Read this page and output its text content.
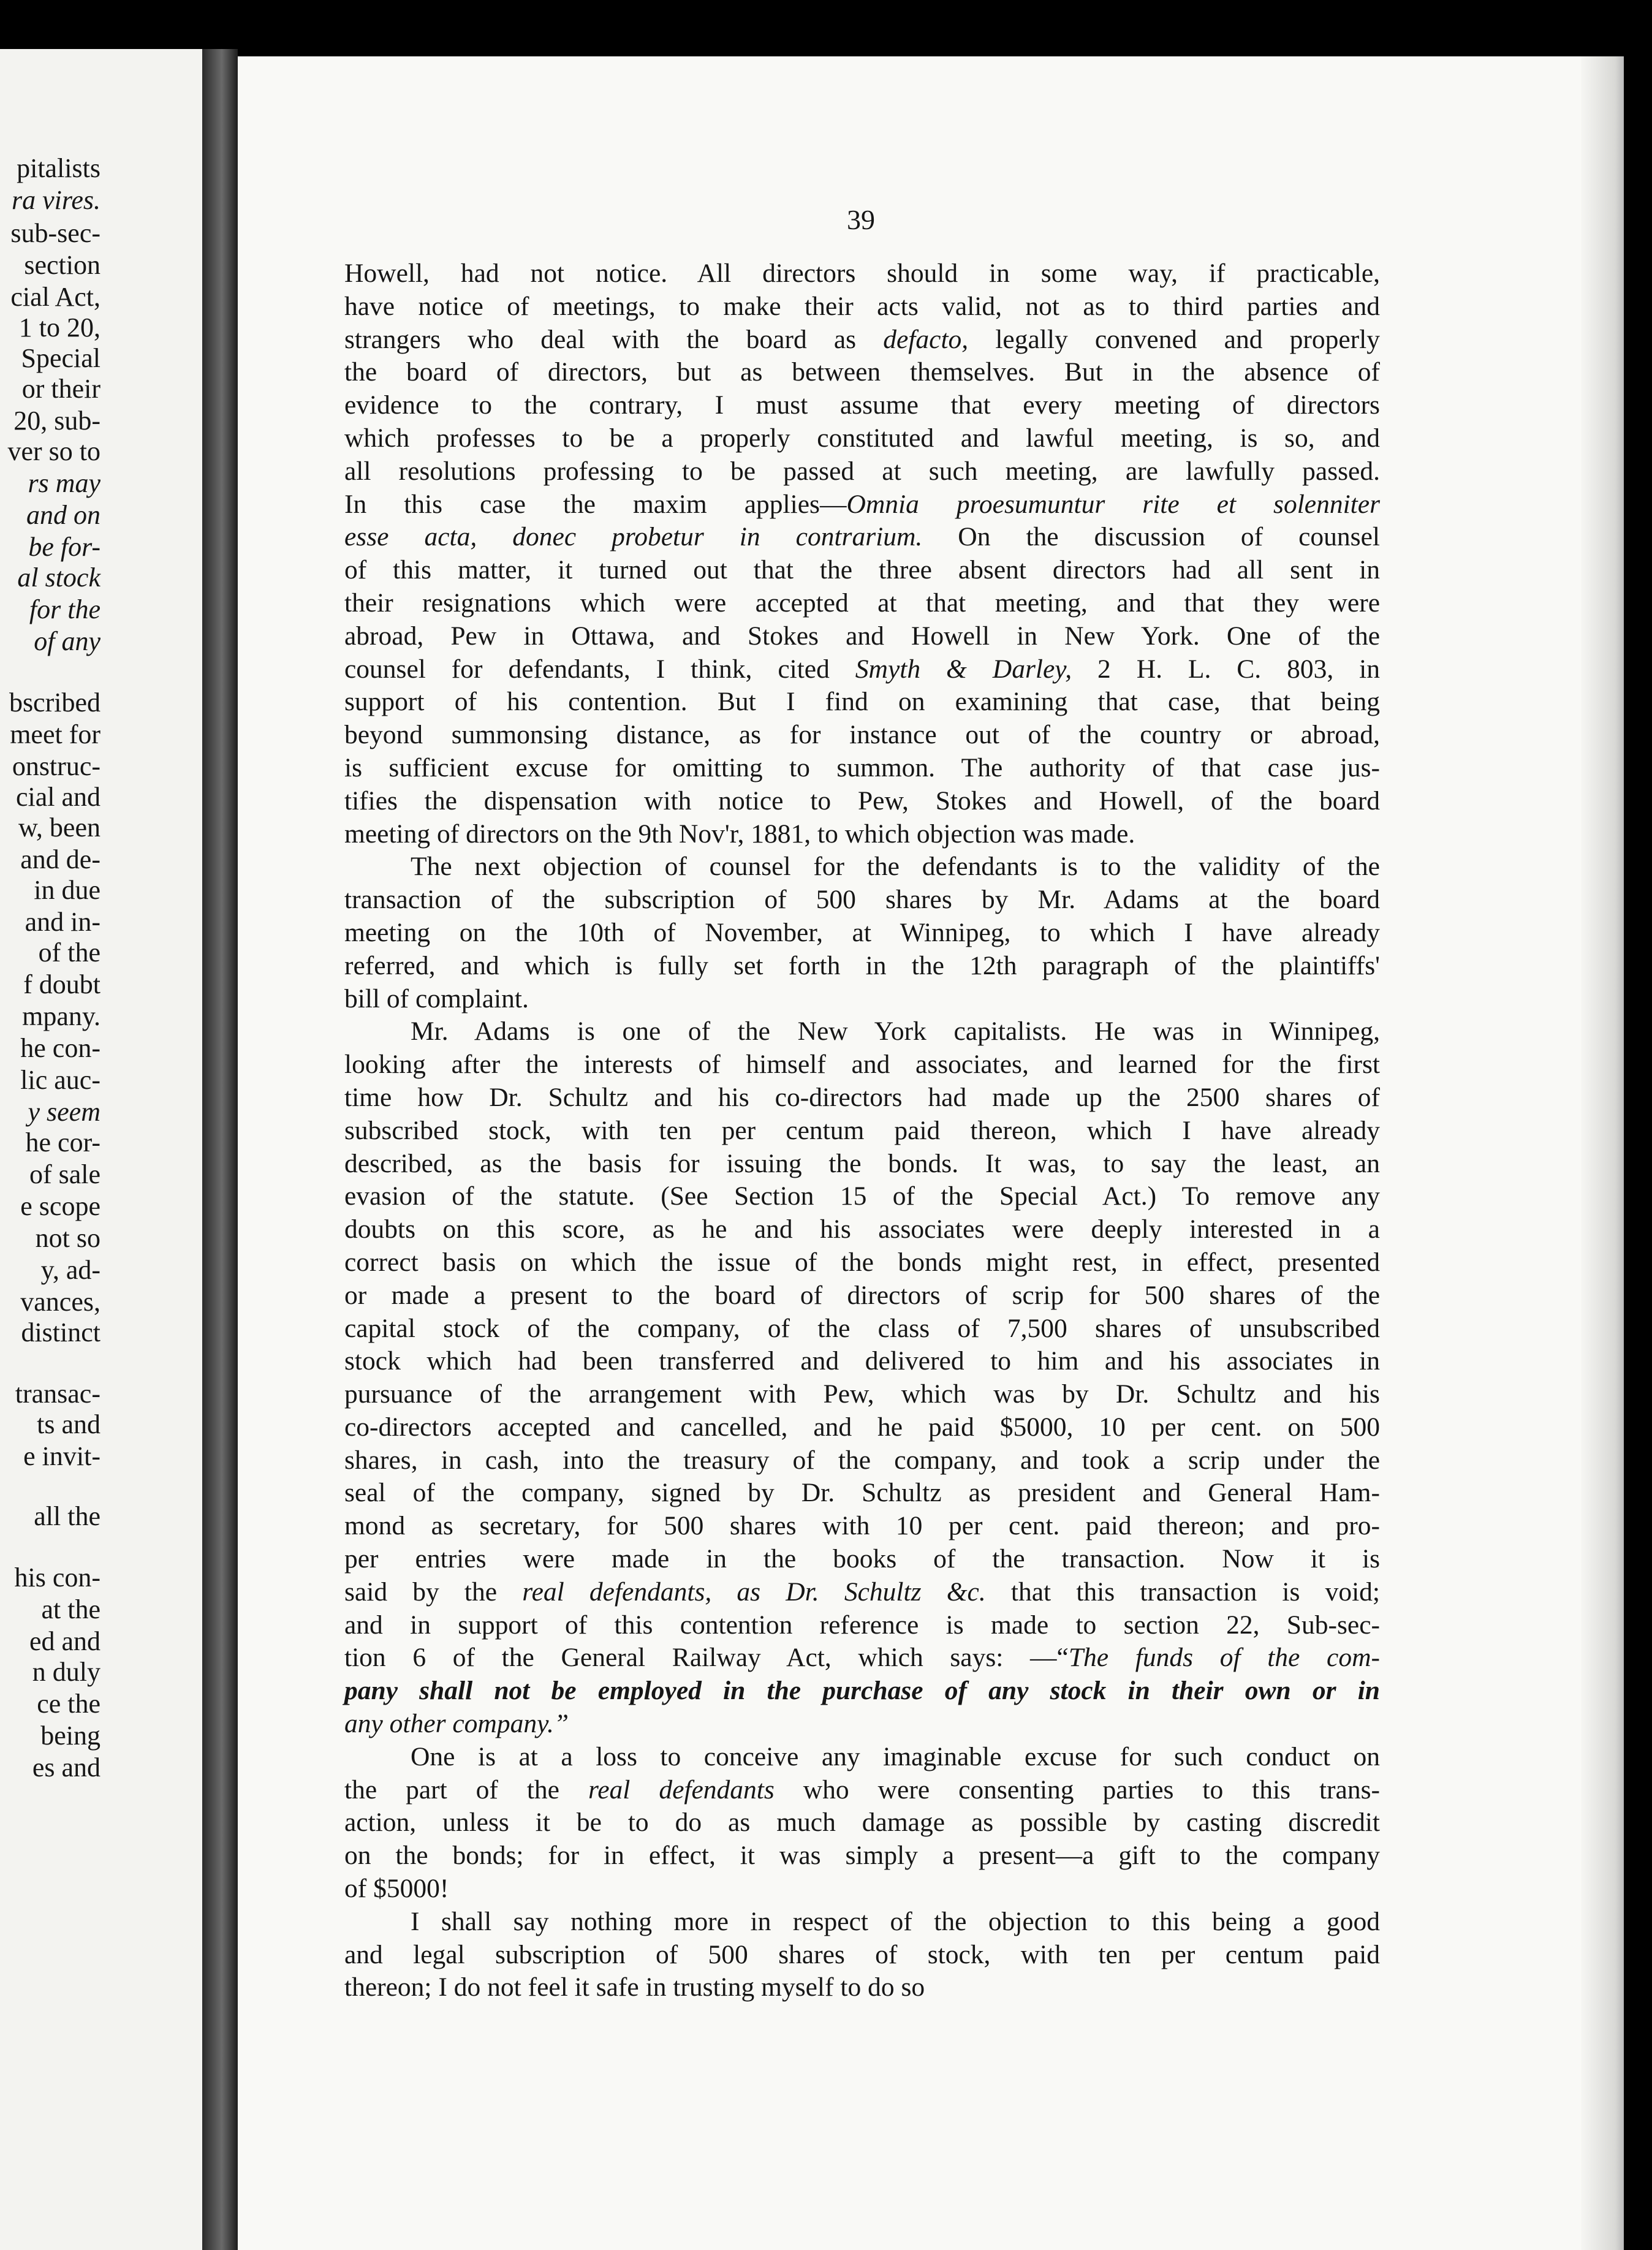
pitalists
ra vires.
sub-sec-
section
cial Act,
1 to 20,
Special
or their
20, sub-
ver so to
rs may
and on
be for-
al stock
for the
of any
bscribed
meet for
onstruc-
cial and
w, been
and de-
in due
and in-
of the
f doubt
mpany.
he con-
lic auc-
y seem
he cor-
of sale
e scope
not so
y, ad-
vances,
distinct
transac-
ts and
e invit-
all the
his con-
at the
ed and
n duly
ce the
being
es and
39
Howell, had not notice. All directors should in some way, if practicable,
have notice of meetings, to make their acts valid, not as to third parties and
strangers who deal with the board as defacto, legally convened and properly
the board of directors, but as between themselves. But in the absence of
evidence to the contrary, I must assume that every meeting of directors
which professes to be a properly constituted and lawful meeting, is so, and
all resolutions professing to be passed at such meeting, are lawfully passed.
In this case the maxim applies—Omnia proesumuntur rite et solenniter
esse acta, donec probetur in contrarium. On the discussion of counsel
of this matter, it turned out that the three absent directors had all sent in
their resignations which were accepted at that meeting, and that they were
abroad, Pew in Ottawa, and Stokes and Howell in New York. One of the
counsel for defendants, I think, cited Smyth & Darley, 2 H. L. C. 803, in
support of his contention. But I find on examining that case, that being
beyond summonsing distance, as for instance out of the country or abroad,
is sufficient excuse for omitting to summon. The authority of that case jus-
tifies the dispensation with notice to Pew, Stokes and Howell, of the board
meeting of directors on the 9th Nov'r, 1881, to which objection was made.
The next objection of counsel for the defendants is to the validity of the
transaction of the subscription of 500 shares by Mr. Adams at the board
meeting on the 10th of November, at Winnipeg, to which I have already
referred, and which is fully set forth in the 12th paragraph of the plaintiffs'
bill of complaint.
Mr. Adams is one of the New York capitalists. He was in Winnipeg,
looking after the interests of himself and associates, and learned for the first
time how Dr. Schultz and his co-directors had made up the 2500 shares of
subscribed stock, with ten per centum paid thereon, which I have already
described, as the basis for issuing the bonds. It was, to say the least, an
evasion of the statute. (See Section 15 of the Special Act.) To remove any
doubts on this score, as he and his associates were deeply interested in a
correct basis on which the issue of the bonds might rest, in effect, presented
or made a present to the board of directors of scrip for 500 shares of the
capital stock of the company, of the class of 7,500 shares of unsubscribed
stock which had been transferred and delivered to him and his associates in
pursuance of the arrangement with Pew, which was by Dr. Schultz and his
co-directors accepted and cancelled, and he paid $5000, 10 per cent. on 500
shares, in cash, into the treasury of the company, and took a scrip under the
seal of the company, signed by Dr. Schultz as president and General Ham-
mond as secretary, for 500 shares with 10 per cent. paid thereon; and pro-
per entries were made in the books of the transaction. Now it is
said by the real defendants, as Dr. Schultz &c. that this transaction is void;
and in support of this contention reference is made to section 22, Sub-sec-
tion 6 of the General Railway Act, which says: —“The funds of the com-
pany shall not be employed in the purchase of any stock in their own or in
any other company.”
One is at a loss to conceive any imaginable excuse for such conduct on
the part of the real defendants who were consenting parties to this trans-
action, unless it be to do as much damage as possible by casting discredit
on the bonds; for in effect, it was simply a present—a gift to the company
of $5000!
I shall say nothing more in respect of the objection to this being a good
and legal subscription of 500 shares of stock, with ten per centum paid
thereon; I do not feel it safe in trusting myself to do so
